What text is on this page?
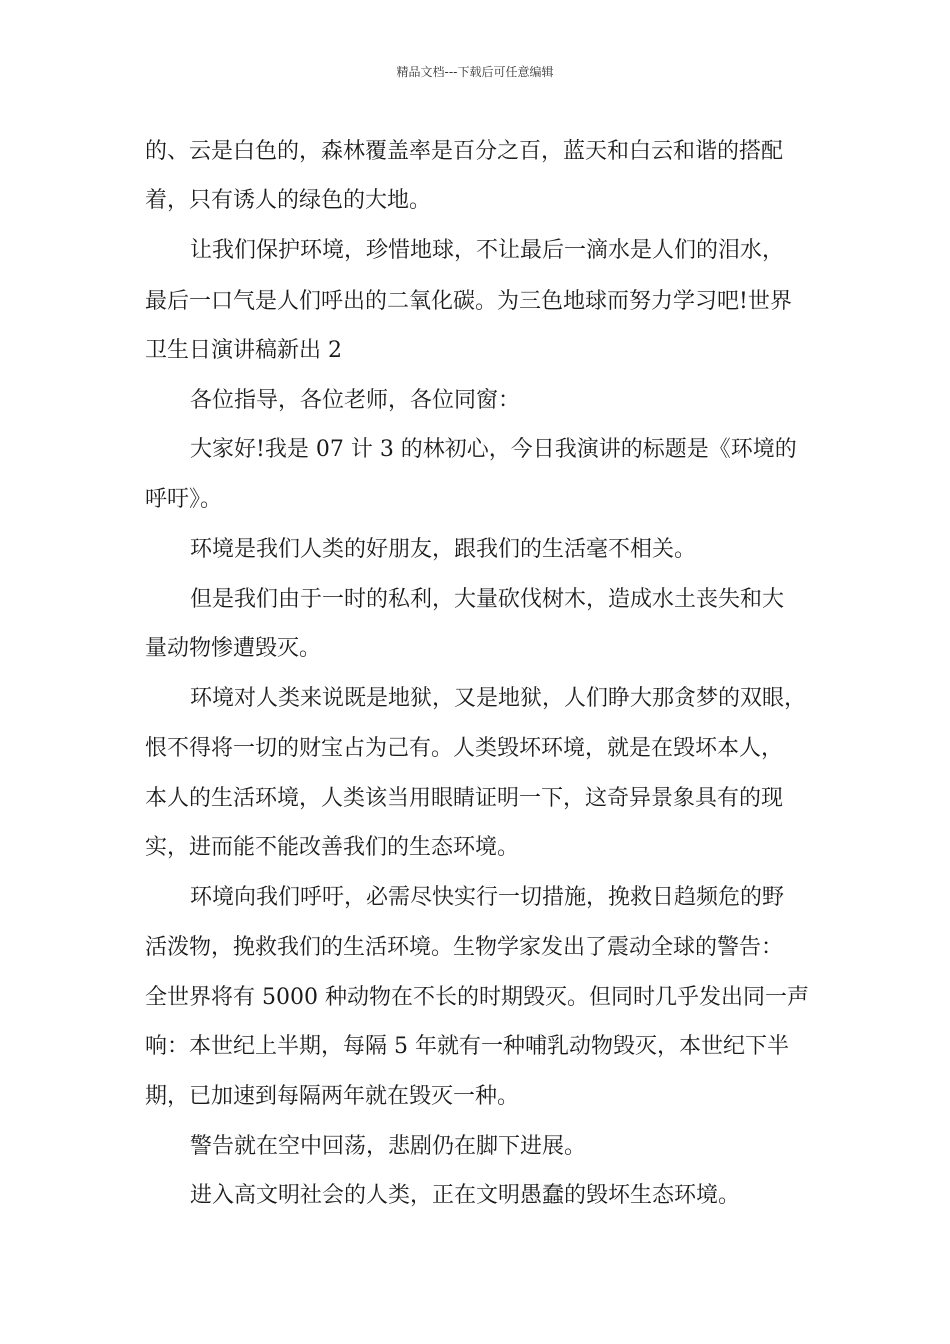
精品文档---下载后可任意编辑
的、云是白色的，森林覆盖率是百分之百，蓝天和白云和谐的搭配
着，只有诱人的绿色的大地。
让我们保护环境，珍惜地球，不让最后一滴水是人们的泪水，
最后一口气是人们呼出的二氧化碳。为三色地球而努力学习吧!世界
卫生日演讲稿新出 2
各位指导，各位老师，各位同窗：
大家好!我是 07 计 3 的林初心，今日我演讲的标题是《环境的
呼吁》。
环境是我们人类的好朋友，跟我们的生活毫不相关。
但是我们由于一时的私利，大量砍伐树木，造成水土丧失和大
量动物惨遭毁灭。
环境对人类来说既是地狱，又是地狱，人们睁大那贪梦的双眼，
恨不得将一切的财宝占为己有。人类毁坏环境，就是在毁坏本人，
本人的生活环境，人类该当用眼睛证明一下，这奇异景象具有的现
实，进而能不能改善我们的生态环境。
环境向我们呼吁，必需尽快实行一切措施，挽救日趋频危的野
活泼物，挽救我们的生活环境。生物学家发出了震动全球的警告：
全世界将有 5000 种动物在不长的时期毁灭。但同时几乎发出同一声
响：本世纪上半期，每隔 5 年就有一种哺乳动物毁灭，本世纪下半
期，已加速到每隔两年就在毁灭一种。
警告就在空中回荡，悲剧仍在脚下进展。
进入高文明社会的人类，正在文明愚蠢的毁坏生态环境。
